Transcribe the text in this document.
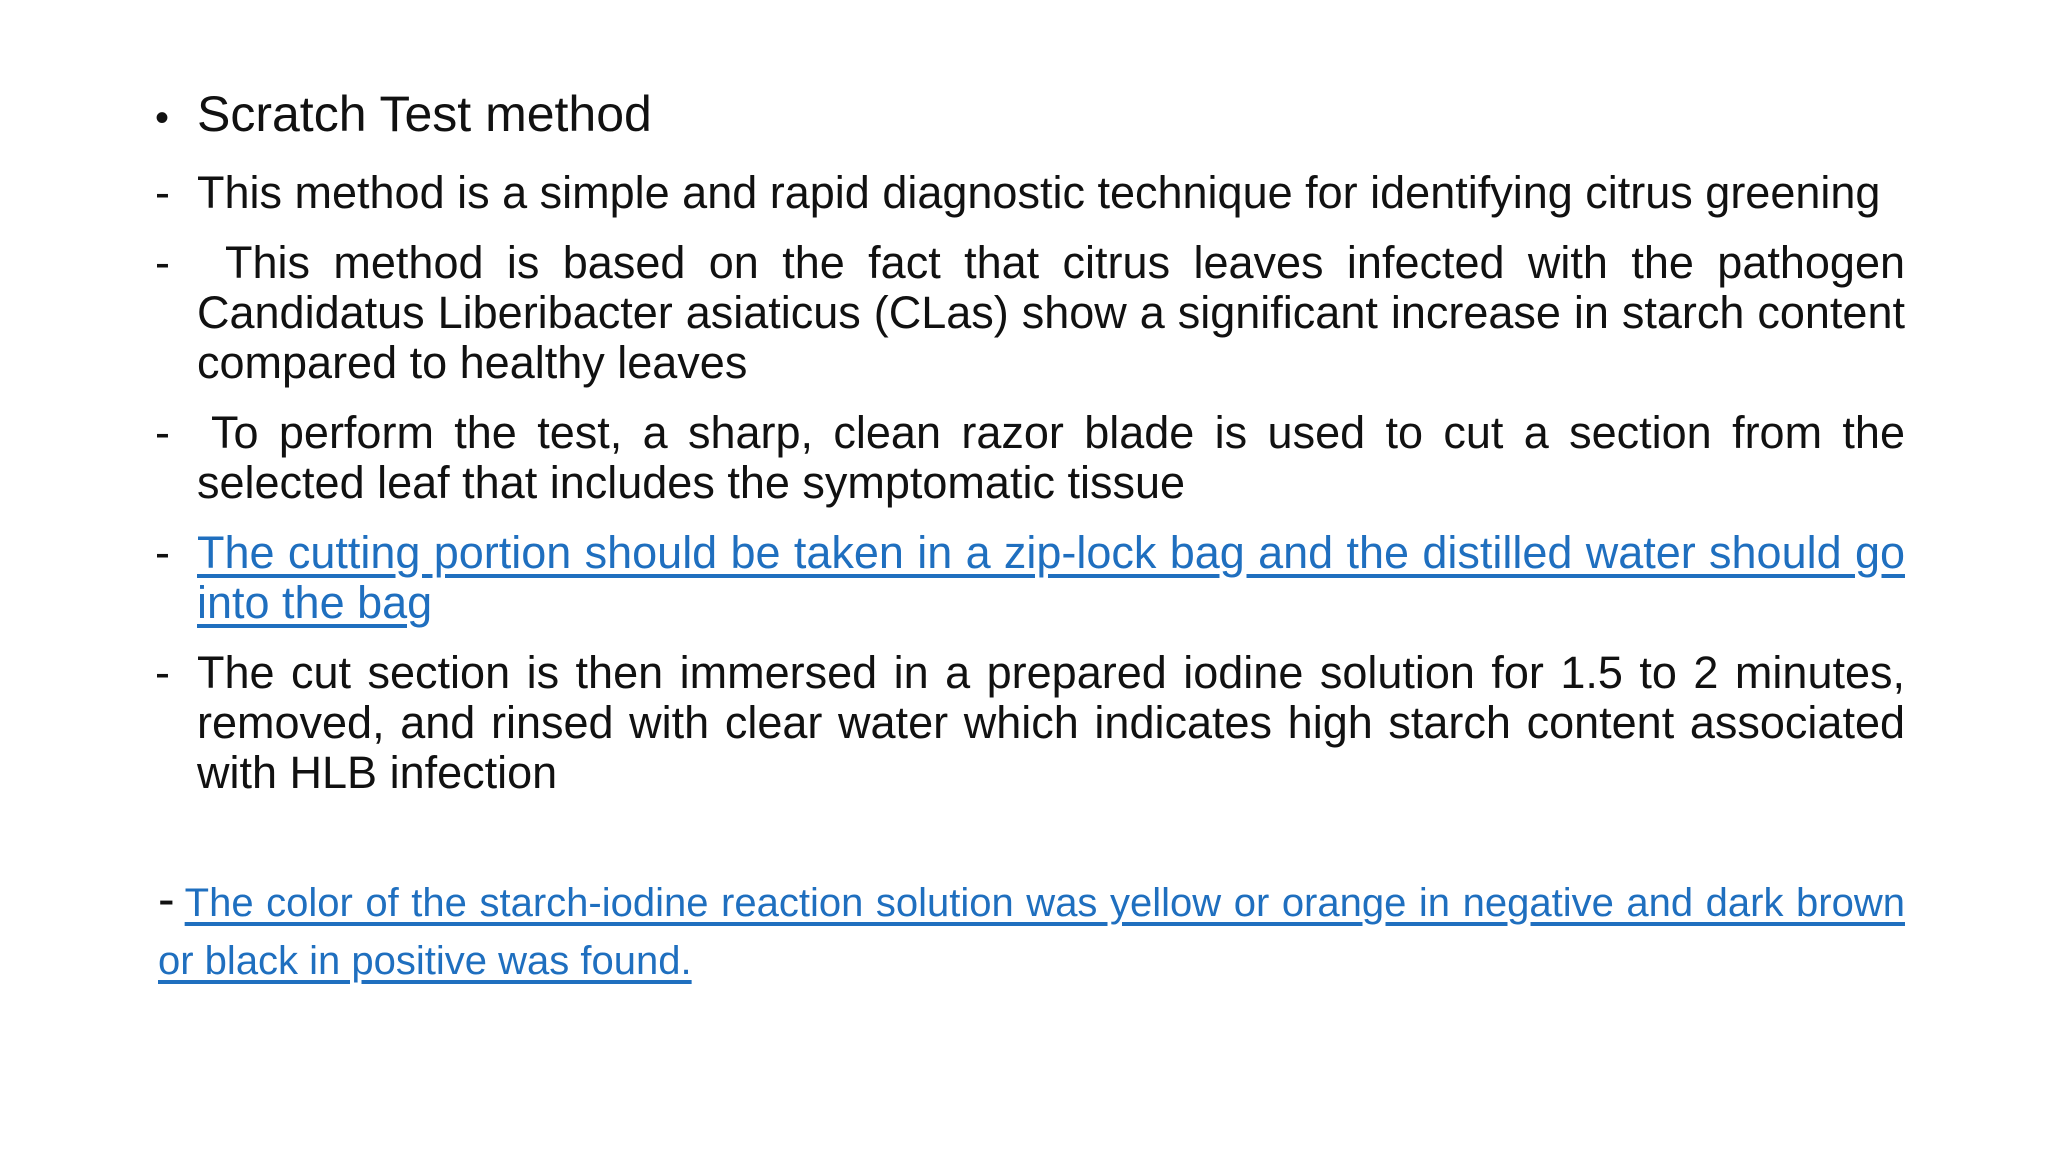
• Scratch Test method
- This method is a simple and rapid diagnostic technique for identifying citrus greening
-	This method is based on the fact that citrus leaves infected with the pathogen Candidatus Liberibacter asiaticus (CLas) show a significant increase in starch content compared to healthy leaves
- To perform the test, a sharp, clean razor blade is used to cut a section from the selected leaf that includes the symptomatic tissue
- The cutting portion should be taken in a zip-lock bag and the distilled water should go into the bag
- The cut section is then immersed in a prepared iodine solution for 1.5 to 2 minutes, removed, and rinsed with clear water which indicates high starch content associated with HLB infection
- The color of the starch-iodine reaction solution was yellow or orange in negative and dark brown or black in positive was found.
